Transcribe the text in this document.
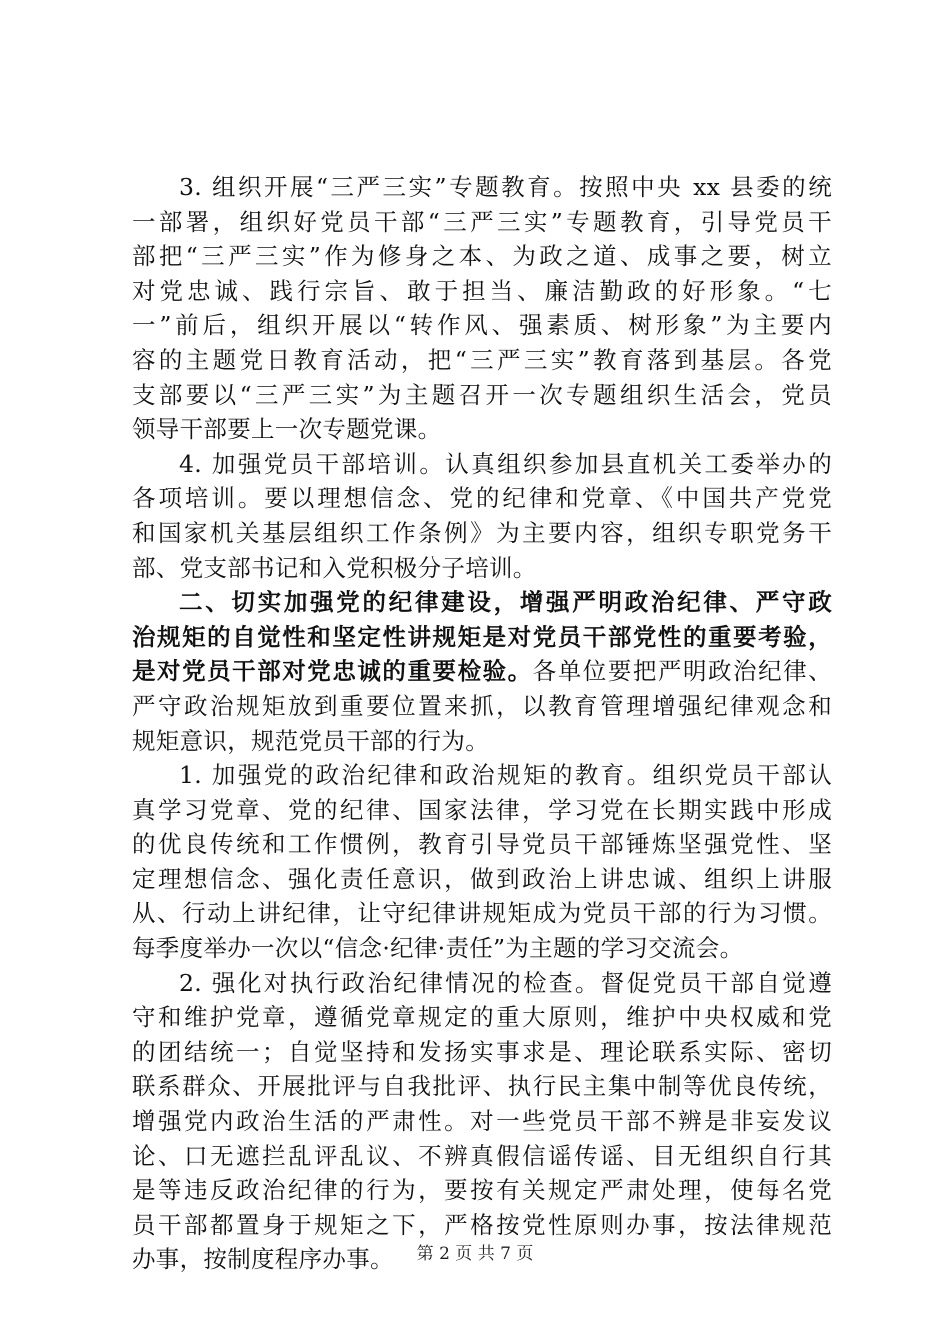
3. 组织开展“三严三实”专题教育。按照中央 xx 县委的统
一部署，组织好党员干部“三严三实”专题教育，引导党员干
部把“三严三实”作为修身之本、为政之道、成事之要，树立
对党忠诚、践行宗旨、敢于担当、廉洁勤政的好形象。“七
一”前后，组织开展以“转作风、强素质、树形象”为主要内
容的主题党日教育活动，把“三严三实”教育落到基层。各党
支部要以“三严三实”为主题召开一次专题组织生活会，党员
领导干部要上一次专题党课。
4. 加强党员干部培训。认真组织参加县直机关工委举办的
各项培训。要以理想信念、党的纪律和党章、《中国共产党党
和国家机关基层组织工作条例》为主要内容，组织专职党务干
部、党支部书记和入党积极分子培训。
二、切实加强党的纪律建设，增强严明政治纪律、严守政
治规矩的自觉性和坚定性讲规矩是对党员干部党性的重要考验，
是对党员干部对党忠诚的重要检验。各单位要把严明政治纪律、
严守政治规矩放到重要位置来抓，以教育管理增强纪律观念和
规矩意识，规范党员干部的行为。
1. 加强党的政治纪律和政治规矩的教育。组织党员干部认
真学习党章、党的纪律、国家法律，学习党在长期实践中形成
的优良传统和工作惯例，教育引导党员干部锤炼坚强党性、坚
定理想信念、强化责任意识，做到政治上讲忠诚、组织上讲服
从、行动上讲纪律，让守纪律讲规矩成为党员干部的行为习惯。
每季度举办一次以“信念·纪律·责任”为主题的学习交流会。
2. 强化对执行政治纪律情况的检查。督促党员干部自觉遵
守和维护党章，遵循党章规定的重大原则，维护中央权威和党
的团结统一；自觉坚持和发扬实事求是、理论联系实际、密切
联系群众、开展批评与自我批评、执行民主集中制等优良传统，
增强党内政治生活的严肃性。对一些党员干部不辨是非妄发议
论、口无遮拦乱评乱议、不辨真假信谣传谣、目无组织自行其
是等违反政治纪律的行为，要按有关规定严肃处理，使每名党
员干部都置身于规矩之下，严格按党性原则办事，按法律规范
办事，按制度程序办事。	第 2 页 共 7 页
